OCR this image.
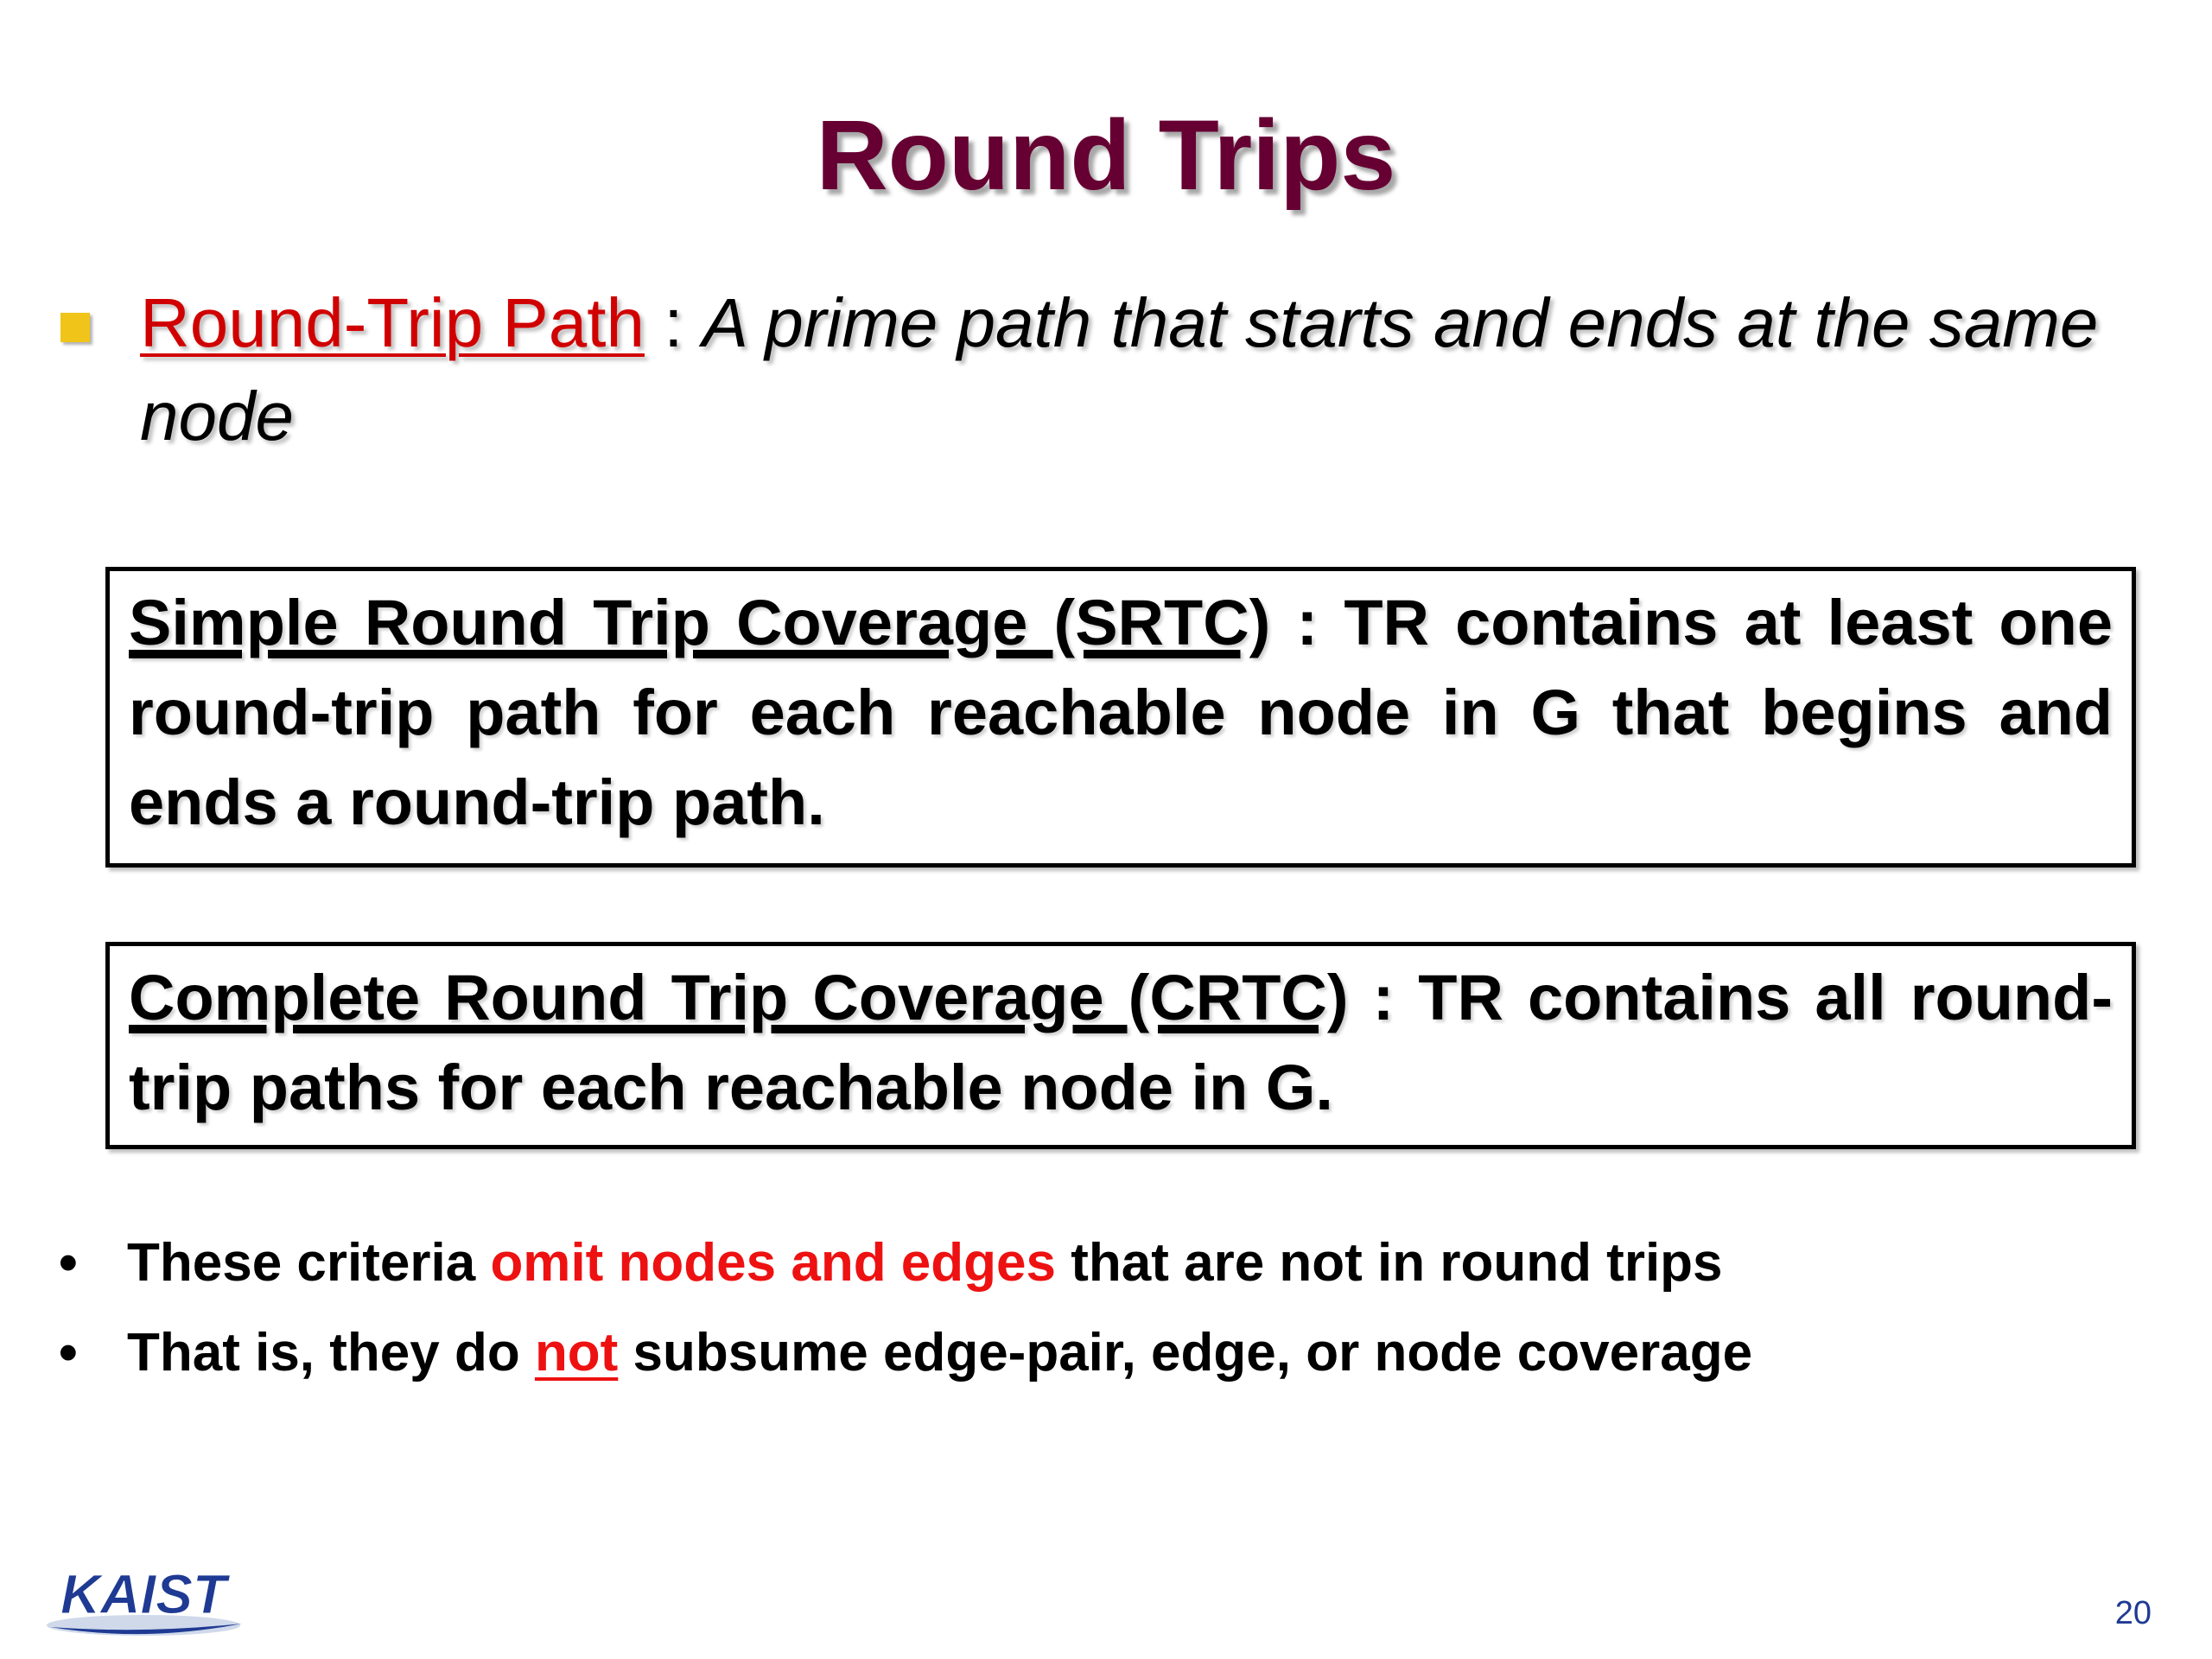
Round Trips
Round-Trip Path : A prime path that starts and ends at the same node
Simple Round Trip Coverage (SRTC) : TR contains at least one round-trip path for each reachable node in G that begins and ends a round-trip path.
Complete Round Trip Coverage (CRTC) : TR contains all round-trip paths for each reachable node in G.
• These criteria omit nodes and edges that are not in round trips
• That is, they do not subsume edge-pair, edge, or node coverage
KAIST	20
